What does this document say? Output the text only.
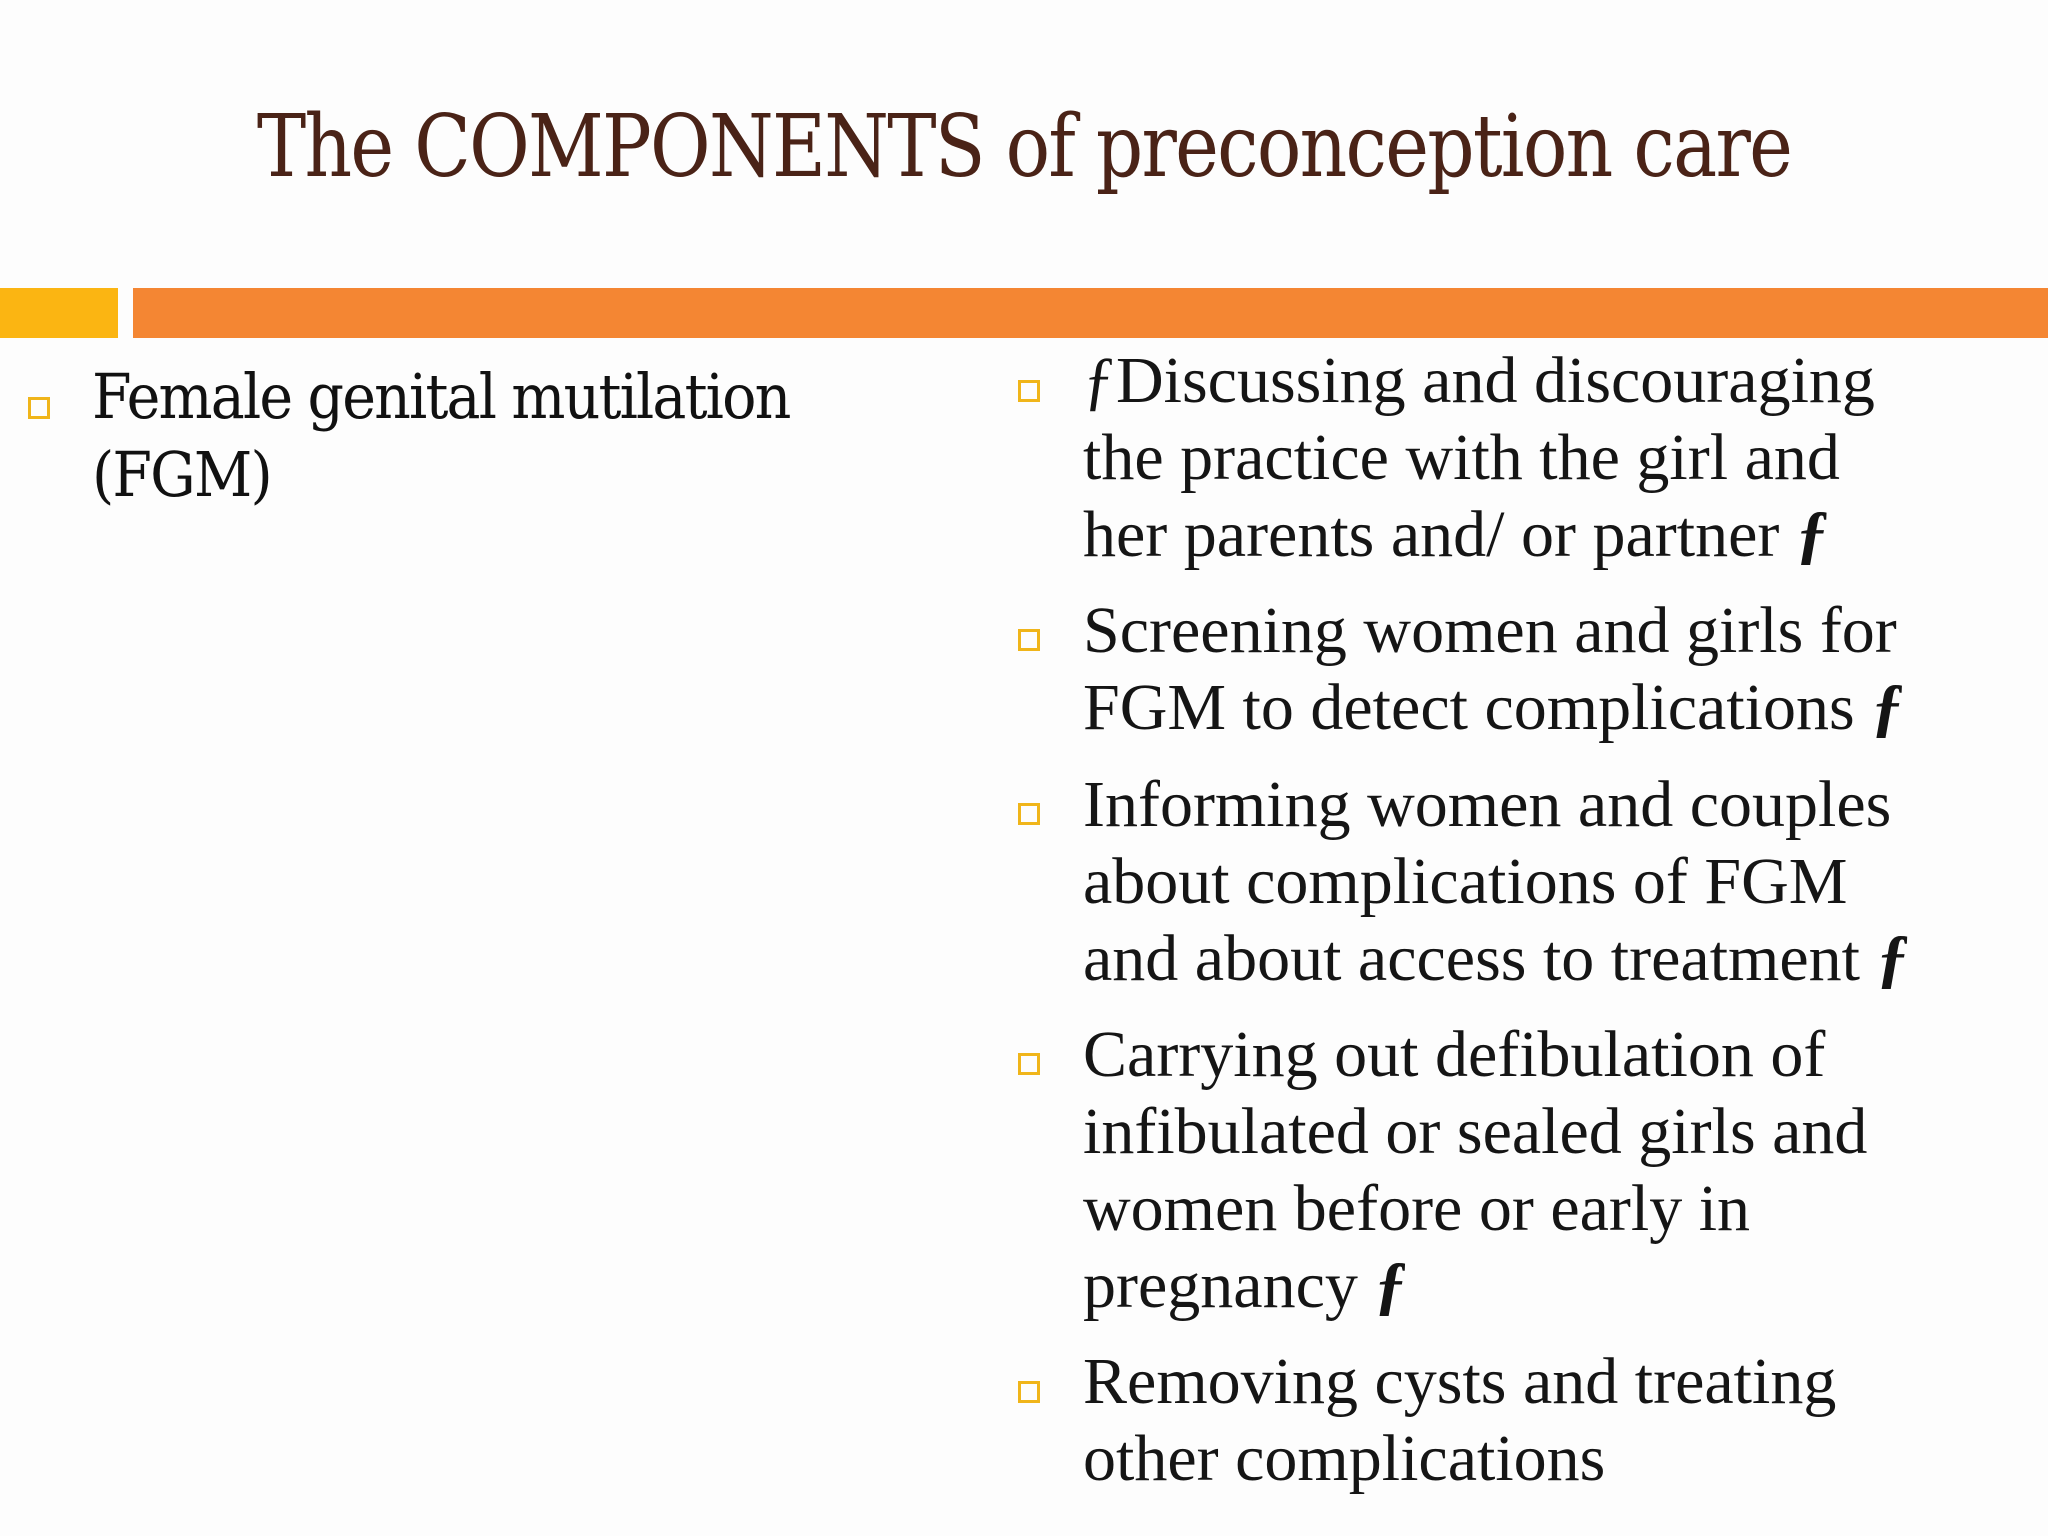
The COMPONENTS of preconception care
Female genital mutilation
(FGM)
ƒDiscussing and discouraging
the practice with the girl and
her parents and/ or partner ƒ
Screening women and girls for
FGM to detect complications ƒ
Informing women and couples
about complications of FGM
and about access to treatment ƒ
Carrying out defibulation of
infibulated or sealed girls and
women before or early in
pregnancy ƒ
Removing cysts and treating
other complications
